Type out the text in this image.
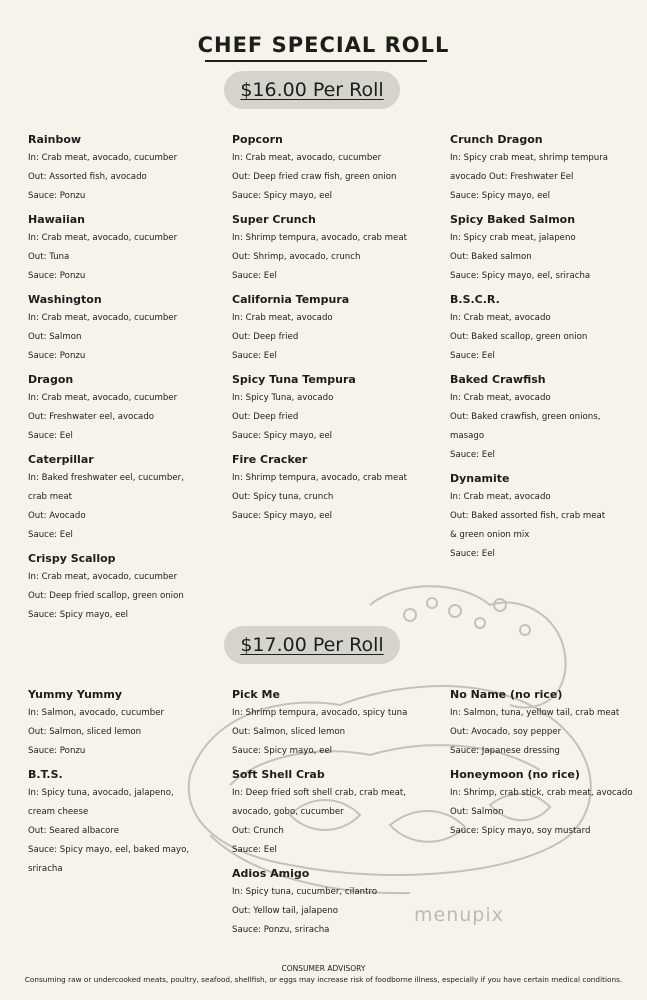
CHEF SPECIAL ROLL
$16.00 Per Roll
Rainbow
In: Crab meat, avocado, cucumber
Out: Assorted fish, avocado
Sauce: Ponzu
Hawaiian
In: Crab meat, avocado, cucumber
Out: Tuna
Sauce: Ponzu
Washington
In: Crab meat, avocado, cucumber
Out: Salmon
Sauce: Ponzu
Dragon
In: Crab meat, avocado, cucumber
Out: Freshwater eel, avocado
Sauce: Eel
Caterpillar
In: Baked freshwater eel, cucumber,
crab meat
Out: Avocado
Sauce: Eel
Crispy Scallop
In: Crab meat, avocado, cucumber
Out: Deep fried scallop, green onion
Sauce: Spicy mayo, eel
Popcorn
In: Crab meat, avocado, cucumber
Out: Deep fried craw fish, green onion
Sauce: Spicy mayo, eel
Super Crunch
In: Shrimp tempura, avocado, crab meat
Out: Shrimp, avocado, crunch
Sauce: Eel
California Tempura
In: Crab meat, avocado
Out: Deep fried
Sauce: Eel
Spicy Tuna Tempura
In: Spicy Tuna, avocado
Out: Deep fried
Sauce: Spicy mayo, eel
Fire Cracker
In: Shrimp tempura, avocado, crab meat
Out: Spicy tuna, crunch
Sauce: Spicy mayo, eel
Crunch Dragon
In: Spicy crab meat, shrimp tempura
avocado Out: Freshwater Eel
Sauce: Spicy mayo, eel
Spicy Baked Salmon
In: Spicy crab meat, jalapeno
Out: Baked salmon
Sauce: Spicy mayo, eel, sriracha
B.S.C.R.
In: Crab meat, avocado
Out: Baked scallop, green onion
Sauce: Eel
Baked Crawfish
In: Crab meat, avocado
Out: Baked crawfish, green onions,
masago
Sauce: Eel
Dynamite
In: Crab meat, avocado
Out: Baked assorted fish, crab meat
& green onion mix
Sauce: Eel
$17.00 Per Roll
Yummy Yummy
In: Salmon, avocado, cucumber
Out: Salmon, sliced lemon
Sauce: Ponzu
B.T.S.
In: Spicy tuna, avocado, jalapeno,
cream cheese
Out: Seared albacore
Sauce: Spicy mayo, eel, baked mayo,
sriracha
Pick Me
In: Shrimp tempura, avocado, spicy tuna
Out: Salmon, sliced lemon
Sauce: Spicy mayo, eel
Soft Shell Crab
In: Deep fried soft shell crab, crab meat,
avocado, gobo, cucumber
Out: Crunch
Sauce: Eel
Adios Amigo
In: Spicy tuna, cucumber, cilantro
Out: Yellow tail, jalapeno
Sauce: Ponzu, sriracha
No Name (no rice)
In: Salmon, tuna, yellow tail, crab meat
Out: Avocado, soy pepper
Sauce: Japanese dressing
Honeymoon (no rice)
In: Shrimp, crab stick, crab meat, avocado
Out: Salmon
Sauce: Spicy mayo, soy mustard
menupix
CONSUMER ADVISORY
Consuming raw or undercooked meats, poultry, seafood, shellfish, or eggs may increase risk of foodborne illness, especially if you have certain medical conditions.
